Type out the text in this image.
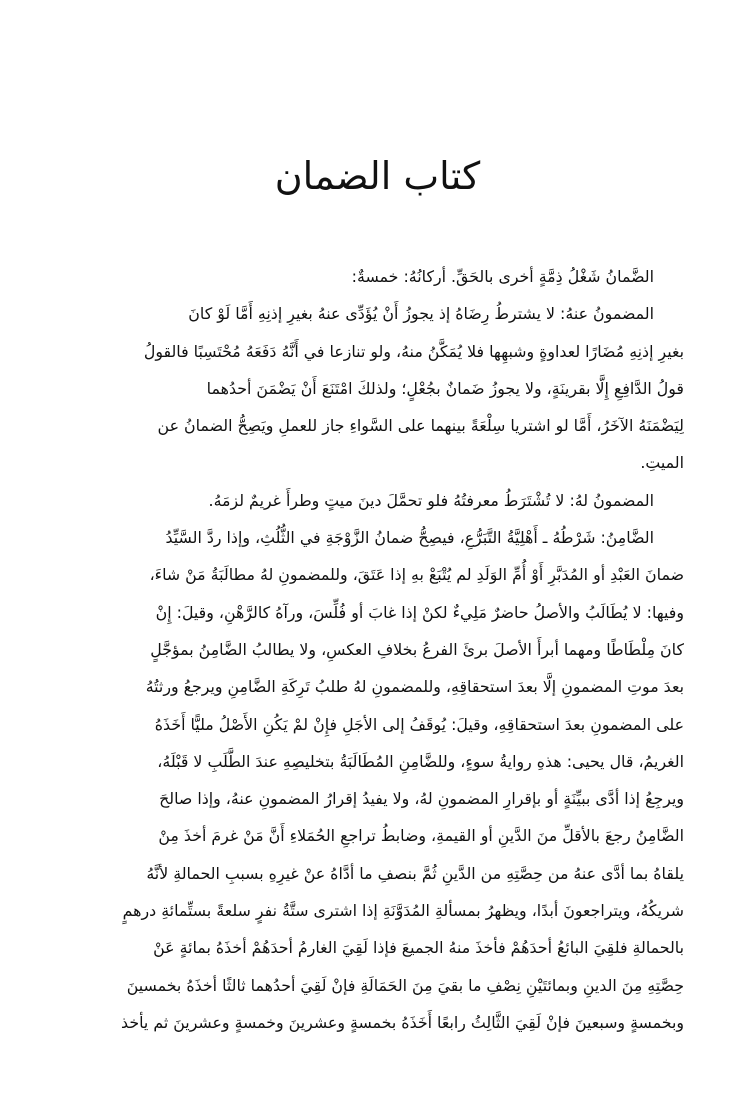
كتاب الضمان
الضَّمانُ شَغْلُ ذِمَّةٍ أخرى بالحَقِّ. أركانُهُ: خمسةٌ:
المضمونُ عنهُ: لا يشترطُ رِضَاهُ إذ يجوزُ أَنْ يُؤَدِّى عنهُ بغيرِ إذنِهِ أَمَّا لَوْ كانَ
بغيرِ إذنِهِ مُضَارًا لعداوةٍ وشبهِها فلا يُمَكَّنُ منهُ، ولو تنازعا في أَنَّهُ دَفَعَهُ مُحْتَسِبًا فالقولُ
قولُ الدَّافِعِ إِلَّا بقرينَةٍ، ولا يجوزُ ضَمانٌ بجُعْلٍ؛ ولذلكَ امْتَنَعَ أَنْ يَضْمَنَ أحدُهما
لِيَضْمَنَهُ الآخَرُ، أَمَّا لو اشتريا سِلْعَةً بينهما على السَّواءِ جاز للعملِ ويَصِحُّ الضمانُ عن
الميتِ.
المضمونُ لهُ: لا تُشْتَرَطُ معرفتُهُ فلو تحمَّلَ دينَ ميتٍ وطرأَ غريمٌ لزمَهُ.
الضَّامِنُ: شَرْطُهُ ـ أَهْلِيَّةُ التَّبَرُّعِ، فيصِحُّ ضمانُ الزَّوْجَةِ في الثُّلُثِ، وإذا ردَّ السَّيِّدُ
ضمانَ العَبْدِ أو المُدَبَّرِ أَوْ أُمِّ الوَلَدِ لم يُتْبَعْ بهِ إذا عَتَقَ، وللمضمونِ لهُ مطالَبَةُ مَنْ شاءَ،
وفيها: لا يُطَالَبُ والأصلُ حاضرٌ مَلِيءٌ لكنْ إذا غابَ أو فُلِّسَ، ورآهُ كالرَّهْنِ، وقيلَ: إِنْ
كانَ مِلْطَاطًا ومهما أبرأَ الأصلَ برئَ الفرعُ بخلافِ العكسِ، ولا يطالبُ الضَّامِنُ بمؤجَّلٍ
بعدَ موتِ المضمونِ إلَّا بعدَ استحقاقِهِ، وللمضمونِ لهُ طلبُ تَرِكَةِ الضَّامِنِ ويرجعُ ورثتُهُ
على المضمونِ بعدَ استحقاقِهِ، وقيلَ: يُوقَفُ إلى الأجَلِ فإِنْ لمْ يَكُنِ الأَصْلُ مليًّا أَخَذَهُ
الغريمُ، قال يحيى: هذهِ روايةُ سوءٍ، وللضَّامِنِ المُطَالَبَةُ بتخليصِهِ عندَ الطَّلَبِ لا قَبْلَهُ،
ويرجِعُ إذا أدَّى ببيِّنَةٍ أو بإقرارِ المضمونِ لهُ، ولا يفيدُ إقرارُ المضمونِ عنهُ، وإذا صالحَ
الضَّامِنُ رجعَ بالأقلِّ منَ الدَّينِ أو القيمةِ، وضابطُ تراجعِ الحُمَلاءِ أَنَّ مَنْ غرمَ أخذَ مِنْ
يلقاهُ بما أدَّى عنهُ من حِصَّتِهِ من الدَّينِ ثُمَّ بنصفِ ما أدَّاهُ عنْ غيرِهِ بسببِ الحمالةِ لأنَّهُ
شريكُهُ، ويتراجعونَ أبدًا، ويظهرُ بمسألةِ المُدَوَّنَةِ إذا اشترى ستَّةُ نفرٍ سلعةً بستِّمائةِ درهمٍ
بالحمالةِ فلقِيَ البائعُ أحدَهُمْ فأخذَ منهُ الجميعَ فإذا لَقِيَ الغارمُ أحدَهُمْ أخذَهُ بمائةٍ عَنْ
حِصَّتِهِ مِنَ الدينِ وبمائتَيْنِ نِصْفِ ما بقيَ مِنَ الحَمَالَةِ فإنْ لَقِيَ أحدُهما ثالثًا أخذَهُ بخمسينَ
وبخمسةٍ وسبعينَ فإنْ لَقِيَ الثَّالِثُ رابعًا أَخَذَهُ بخمسةٍ وعشرينَ وخمسةٍ وعشرينَ ثم يأخذ
